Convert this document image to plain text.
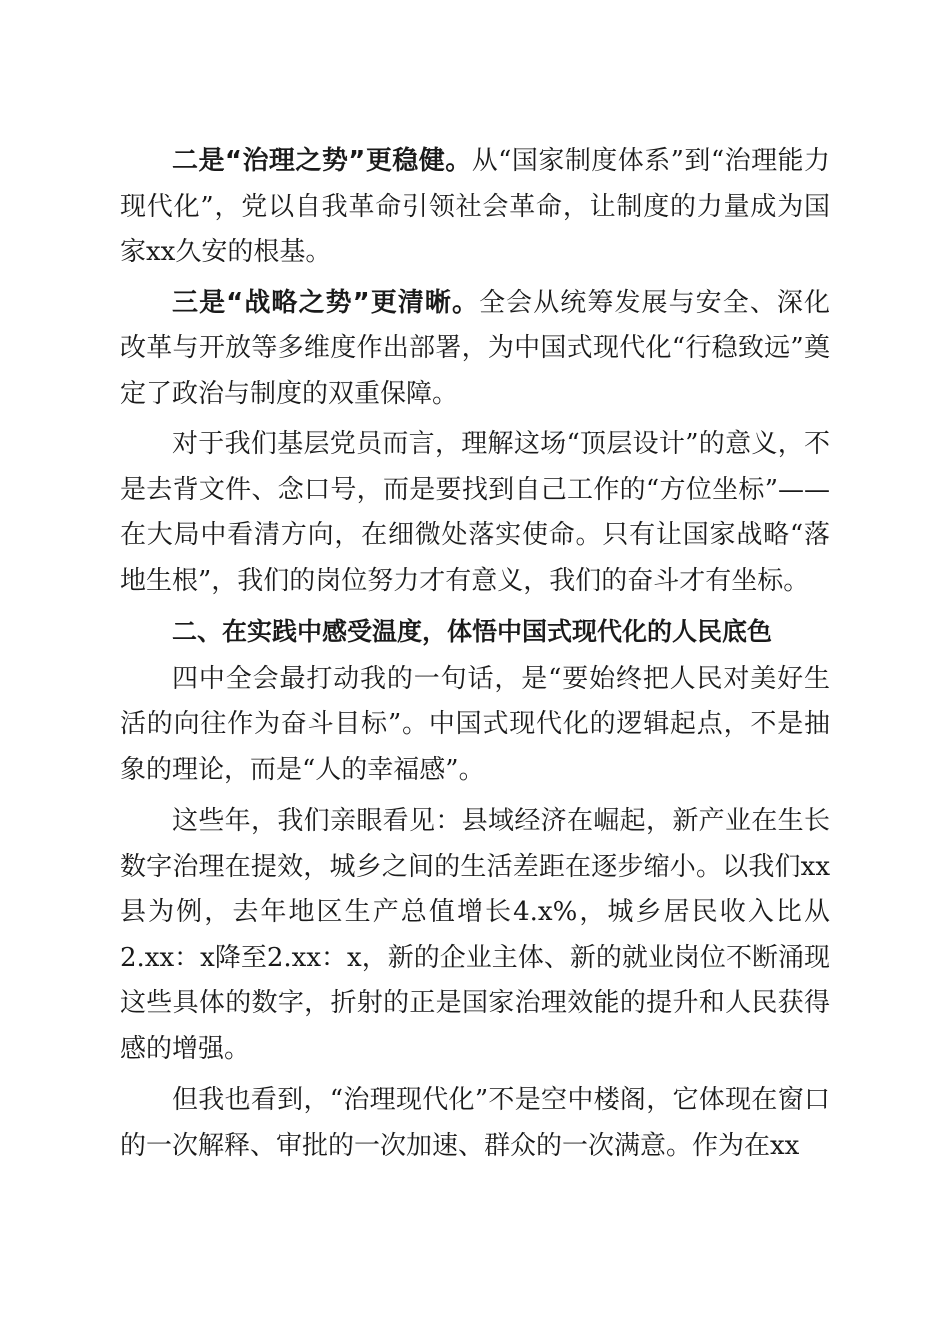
二是“治理之势”更稳健。从“国家制度体系”到“治理能力现代化”，党以自我革命引领社会革命，让制度的力量成为国家xx久安的根基。

三是“战略之势”更清晰。全会从统筹发展与安全、深化改革与开放等多维度作出部署，为中国式现代化“行稳致远”奠定了政治与制度的双重保障。

对于我们基层党员而言，理解这场“顶层设计”的意义，不是去背文件、念口号，而是要找到自己工作的“方位坐标”——在大局中看清方向，在细微处落实使命。只有让国家战略“落地生根”，我们的岗位努力才有意义，我们的奋斗才有坐标。

二、在实践中感受温度，体悟中国式现代化的人民底色

四中全会最打动我的一句话，是“要始终把人民对美好生活的向往作为奋斗目标”。中国式现代化的逻辑起点，不是抽象的理论，而是“人的幸福感”。

这些年，我们亲眼看见：县域经济在崛起，新产业在生长数字治理在提效，城乡之间的生活差距在逐步缩小。以我们xx县为例，去年地区生产总值增长4.x%，城乡居民收入比从2.xx：x降至2.xx：x，新的企业主体、新的就业岗位不断涌现这些具体的数字，折射的正是国家治理效能的提升和人民获得感的增强。

但我也看到，“治理现代化”不是空中楼阁，它体现在窗口的一次解释、审批的一次加速、群众的一次满意。作为在xx
